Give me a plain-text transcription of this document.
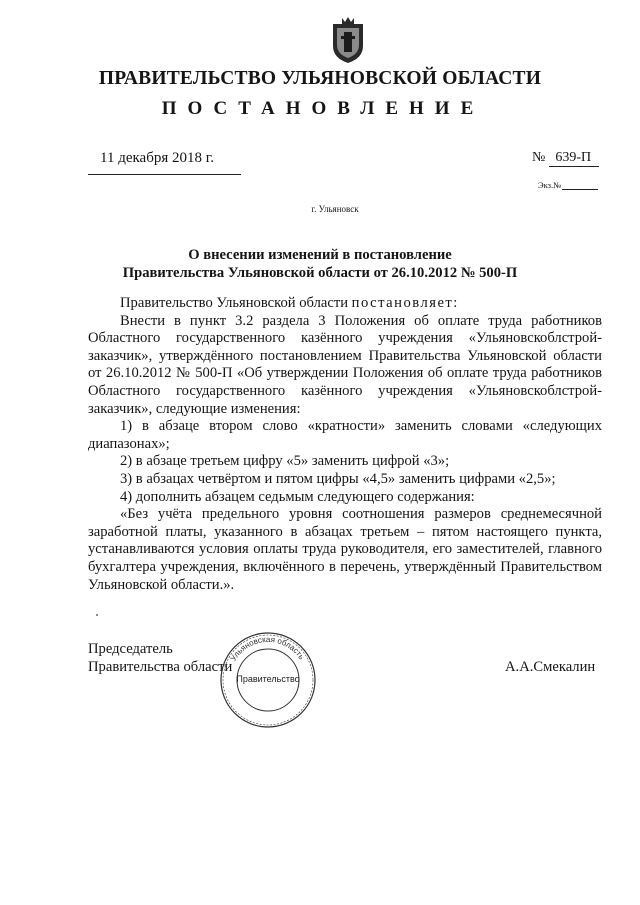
ПРАВИТЕЛЬСТВО УЛЬЯНОВСКОЙ ОБЛАСТИ
ПОСТАНОВЛЕНИЕ
11 декабря 2018 г.	№ 639-П
Экз.№
г. Ульяновск
О внесении изменений в постановление
Правительства Ульяновской области от 26.10.2012 № 500-П

Правительство Ульяновской области постановляет:

Внести в пункт 3.2 раздела 3 Положения об оплате труда работников Областного государственного казённого учреждения «Ульяновскоблстрой-заказчик», утверждённого постановлением Правительства Ульяновской области от 26.10.2012 № 500-П «Об утверждении Положения об оплате труда работников Областного государственного казённого учреждения «Ульяновскоблстрой-заказчик», следующие изменения:

1) в абзаце втором слово «кратности» заменить словами «следующих диапазонах»;

2) в абзаце третьем цифру «5» заменить цифрой «3»;

3) в абзацах четвёртом и пятом цифры «4,5» заменить цифрами «2,5»;

4) дополнить абзацем седьмым следующего содержания:

«Без учёта предельного уровня соотношения размеров среднемесячной заработной платы, указанного в абзацах третьем – пятом настоящего пункта, устанавливаются условия оплаты труда руководителя, его заместителей, главного бухгалтера учреждения, включённого в перечень, утверждённый Правительством Ульяновской области.».

Председатель
Правительства области
Ульяновская область
Правительство
А.А.Смекалин
